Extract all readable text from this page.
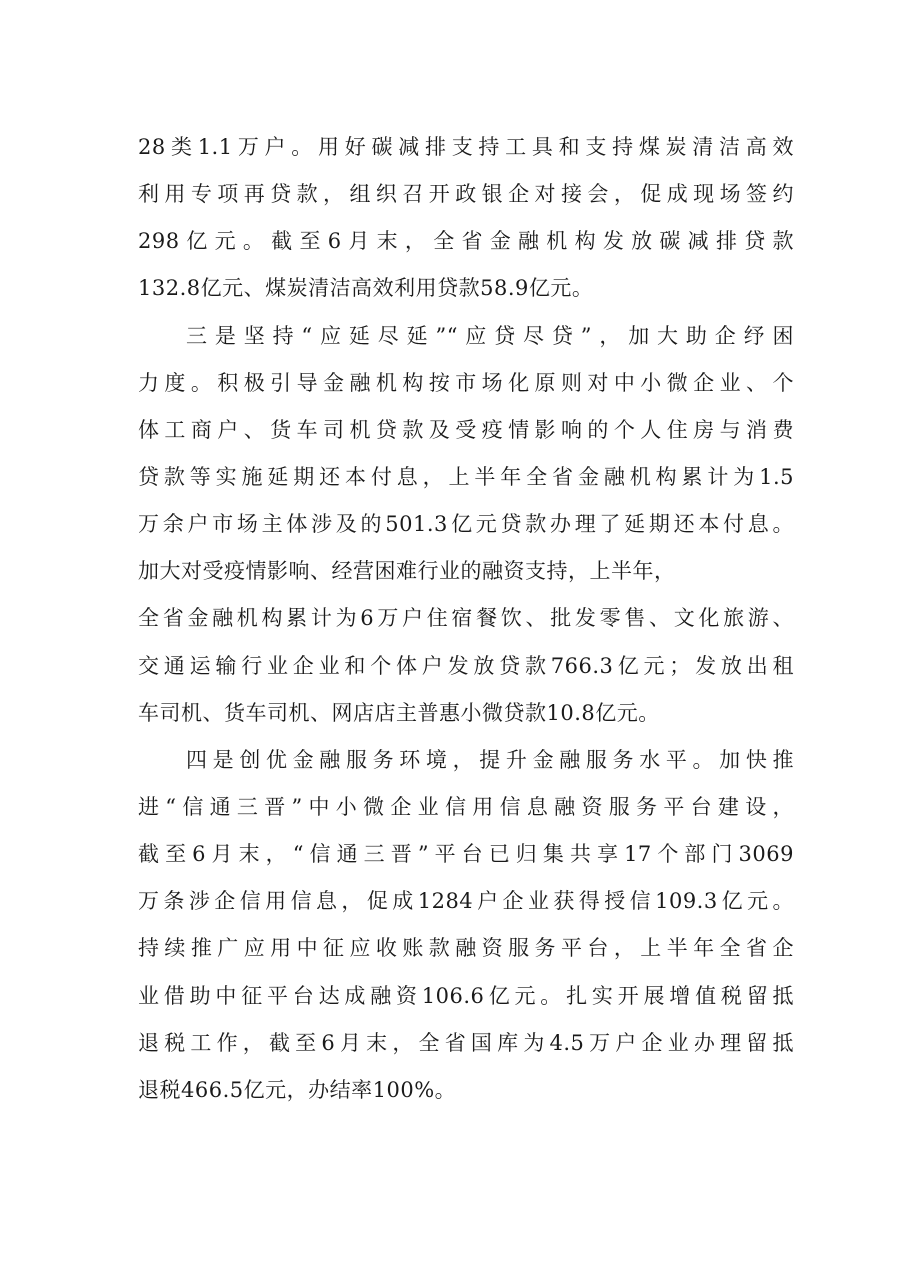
28类1.1万户。用好碳减排支持工具和支持煤炭清洁高效
利用专项再贷款，组织召开政银企对接会，促成现场签约
298亿元。截至6月末，全省金融机构发放碳减排贷款
132.8亿元、煤炭清洁高效利用贷款58.9亿元。
三是坚持“应延尽延”“应贷尽贷”，加大助企纾困
力度。积极引导金融机构按市场化原则对中小微企业、个
体工商户、货车司机贷款及受疫情影响的个人住房与消费
贷款等实施延期还本付息，上半年全省金融机构累计为1.5
万余户市场主体涉及的501.3亿元贷款办理了延期还本付息。
加大对受疫情影响、经营困难行业的融资支持，上半年，
全省金融机构累计为6万户住宿餐饮、批发零售、文化旅游、
交通运输行业企业和个体户发放贷款766.3亿元；发放出租
车司机、货车司机、网店店主普惠小微贷款10.8亿元。
四是创优金融服务环境，提升金融服务水平。加快推
进“信通三晋”中小微企业信用信息融资服务平台建设，
截至6月末，“信通三晋”平台已归集共享17个部门3069
万条涉企信用信息，促成1284户企业获得授信109.3亿元。
持续推广应用中征应收账款融资服务平台，上半年全省企
业借助中征平台达成融资106.6亿元。扎实开展增值税留抵
退税工作，截至6月末，全省国库为4.5万户企业办理留抵
退税466.5亿元，办结率100%。
